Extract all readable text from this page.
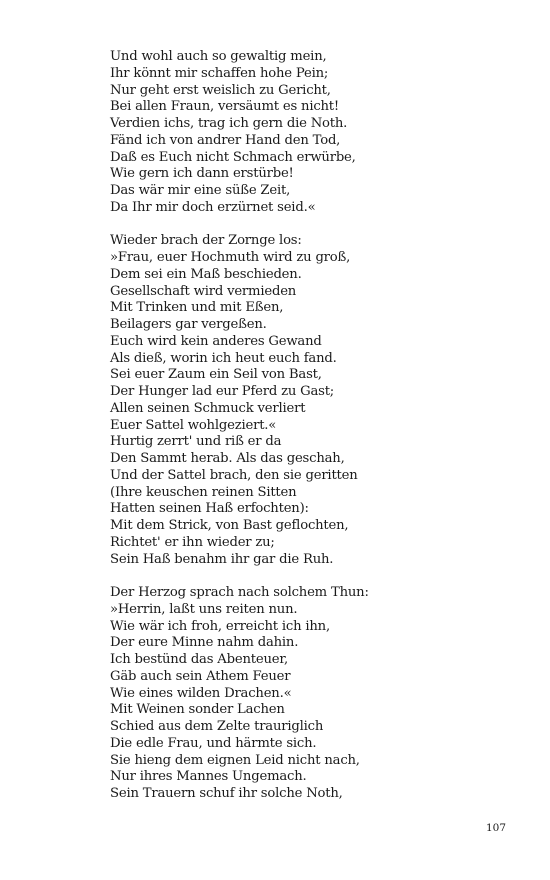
Und wohl auch so gewaltig mein,
Ihr könnt mir schaffen hohe Pein;
Nur geht erst weislich zu Gericht,
Bei allen Fraun, versäumt es nicht!
Verdien ichs, trag ich gern die Noth.
Fänd ich von andrer Hand den Tod,
Daß es Euch nicht Schmach erwürbe,
Wie gern ich dann erstürbe!
Das wär mir eine süße Zeit,
Da Ihr mir doch erzürnet seid.«
Wieder brach der Zornge los:
»Frau, euer Hochmuth wird zu groß,
Dem sei ein Maß beschieden.
Gesellschaft wird vermieden
Mit Trinken und mit Eßen,
Beilagers gar vergeßen.
Euch wird kein anderes Gewand
Als dieß, worin ich heut euch fand.
Sei euer Zaum ein Seil von Bast,
Der Hunger lad eur Pferd zu Gast;
Allen seinen Schmuck verliert
Euer Sattel wohlgeziert.«
Hurtig zerrt' und riß er da
Den Sammt herab. Als das geschah,
Und der Sattel brach, den sie geritten
(Ihre keuschen reinen Sitten
Hatten seinen Haß erfochten):
Mit dem Strick, von Bast geflochten,
Richtet' er ihn wieder zu;
Sein Haß benahm ihr gar die Ruh.
Der Herzog sprach nach solchem Thun:
»Herrin, laßt uns reiten nun.
Wie wär ich froh, erreicht ich ihn,
Der eure Minne nahm dahin.
Ich bestünd das Abenteuer,
Gäb auch sein Athem Feuer
Wie eines wilden Drachen.«
Mit Weinen sonder Lachen
Schied aus dem Zelte trauriglich
Die edle Frau, und härmte sich.
Sie hieng dem eignen Leid nicht nach,
Nur ihres Mannes Ungemach.
Sein Trauern schuf ihr solche Noth,
107
